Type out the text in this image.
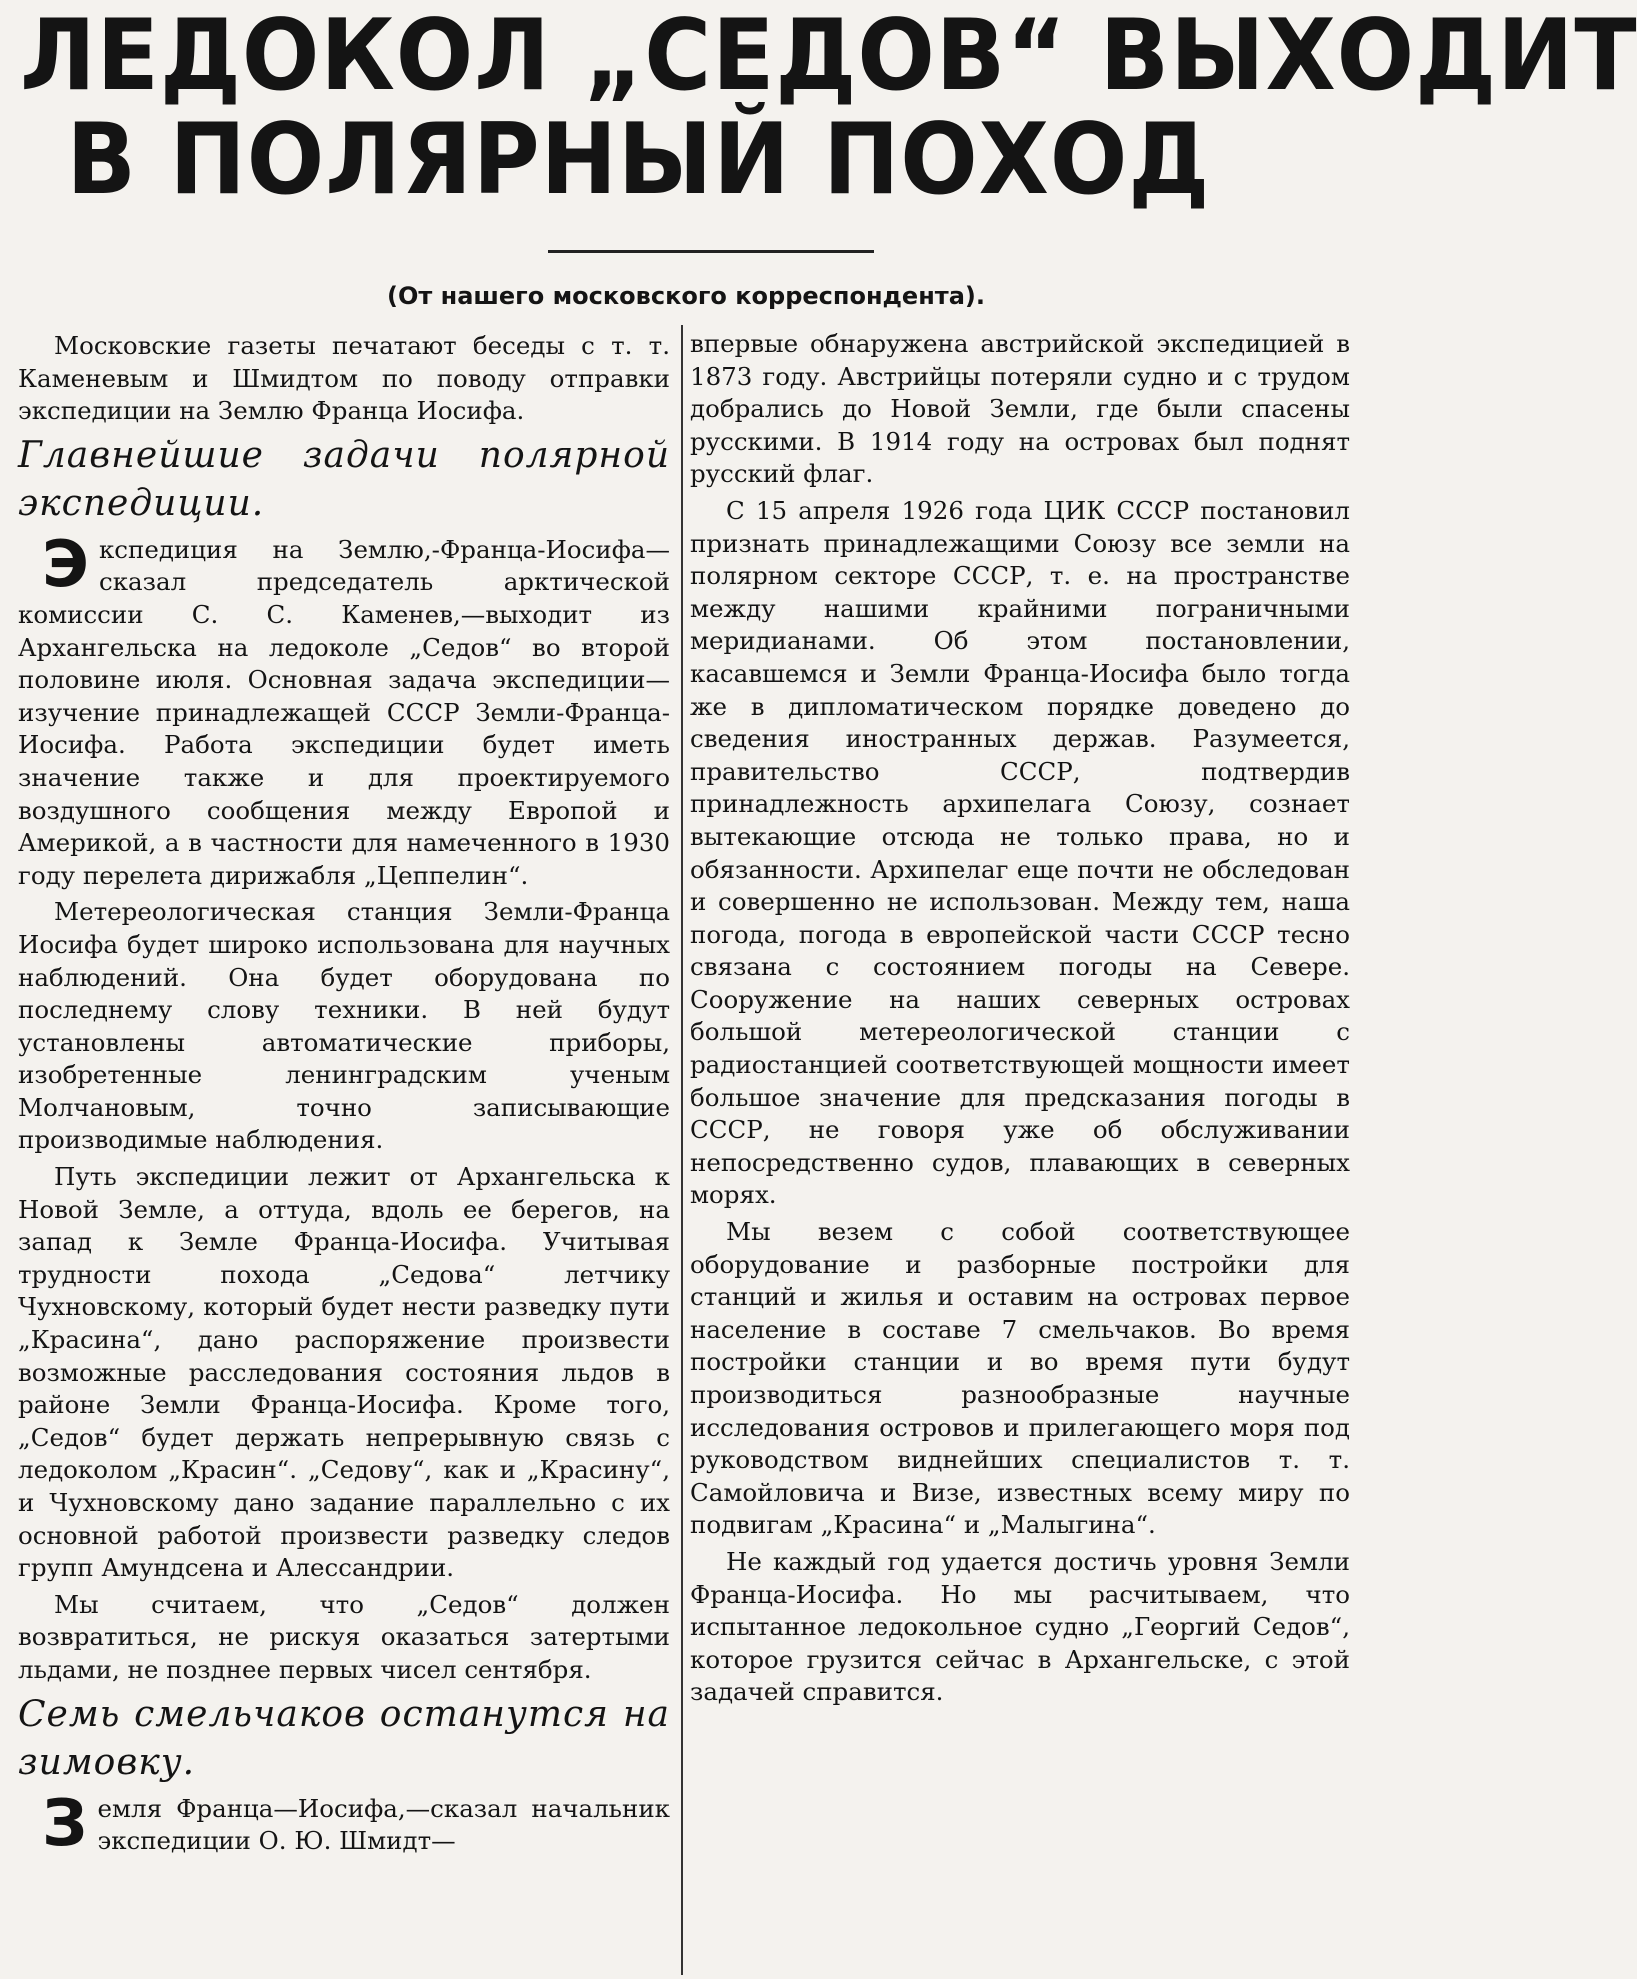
ЛЕДОКОЛ „СЕДОВ“ ВЫХОДИТ
В ПОЛЯРНЫЙ ПОХОД
(От нашего московского корреспондента).

Московские газеты печатают беседы с т. т. Каменевым и Шмидтом по поводу отправки экспедиции на Землю Франца Иосифа.

Главнейшие задачи полярной экспедиции.

Экспедиция на Землю,-Франца-Иосифа— сказал председатель арктической комиссии С. С. Каменев,—выходит из Архангельска на ледоколе „Седов“ во второй половине июля. Основная задача экспедиции— изучение принадлежащей СССР Земли-Франца-Иосифа. Работа экспедиции будет иметь значение также и для проектируемого воздушного сообщения между Европой и Америкой, а в частности для намеченного в 1930 году перелета дирижабля „Цеппелин“.

Метереологическая станция Земли-Франца Иосифа будет широко использована для научных наблюдений. Она будет оборудована по последнему слову техники. В ней будут установлены автоматические приборы, изобретенные ленинградским ученым Молчановым, точно записывающие производимые наблюдения.

Путь экспедиции лежит от Архангельска к Новой Земле, а оттуда, вдоль ее берегов, на запад к Земле Франца-Иосифа. Учитывая трудности похода „Седова“ летчику Чухновскому, который будет нести разведку пути „Красина“, дано распоряжение произвести возможные расследования состояния льдов в районе Земли Франца-Иосифа. Кроме того, „Седов“ будет держать непрерывную связь с ледоколом „Красин“. „Седову“, как и „Красину“, и Чухновскому дано задание параллельно с их основной работой произвести разведку следов групп Амундсена и Алессандрии.

Мы считаем, что „Седов“ должен возвратиться, не рискуя оказаться затертыми льдами, не позднее первых чисел сентября.

Семь смельчаков останутся на зимовку.

Земля Франца—Иосифа,—сказал начальник экспедиции О. Ю. Шмидт—

впервые обнаружена австрийской экспедицией в 1873 году. Австрийцы потеряли судно и с трудом добрались до Новой Земли, где были спасены русскими. В 1914 году на островах был поднят русский флаг.

С 15 апреля 1926 года ЦИК СССР постановил признать принадлежащими Союзу все земли на полярном секторе СССР, т. е. на пространстве между нашими крайними пограничными меридианами. Об этом постановлении, касавшемся и Земли Франца-Иосифа было тогда же в дипломатическом порядке доведено до сведения иностранных держав. Разумеется, правительство СССР, подтвердив принадлежность архипелага Союзу, сознает вытекающие отсюда не только права, но и обязанности. Архипелаг еще почти не обследован и совершенно не использован. Между тем, наша погода, погода в европейской части СССР тесно связана с состоянием погоды на Севере. Сооружение на наших северных островах большой метереологической станции с радиостанцией соответствующей мощности имеет большое значение для предсказания погоды в СССР, не говоря уже об обслуживании непосредственно судов, плавающих в северных морях.

Мы везем с собой соответствующее оборудование и разборные постройки для станций и жилья и оставим на островах первое население в составе 7 смельчаков. Во время постройки станции и во время пути будут производиться разнообразные научные исследования островов и прилегающего моря под руководством виднейших специалистов т. т. Самойловича и Визе, известных всему миру по подвигам „Красина“ и „Малыгина“.

Не каждый год удается достичь уровня Земли Франца-Иосифа. Но мы расчитываем, что испытанное ледокольное судно „Георгий Седов“, которое грузится сейчас в Архангельске, с этой задачей справится.
